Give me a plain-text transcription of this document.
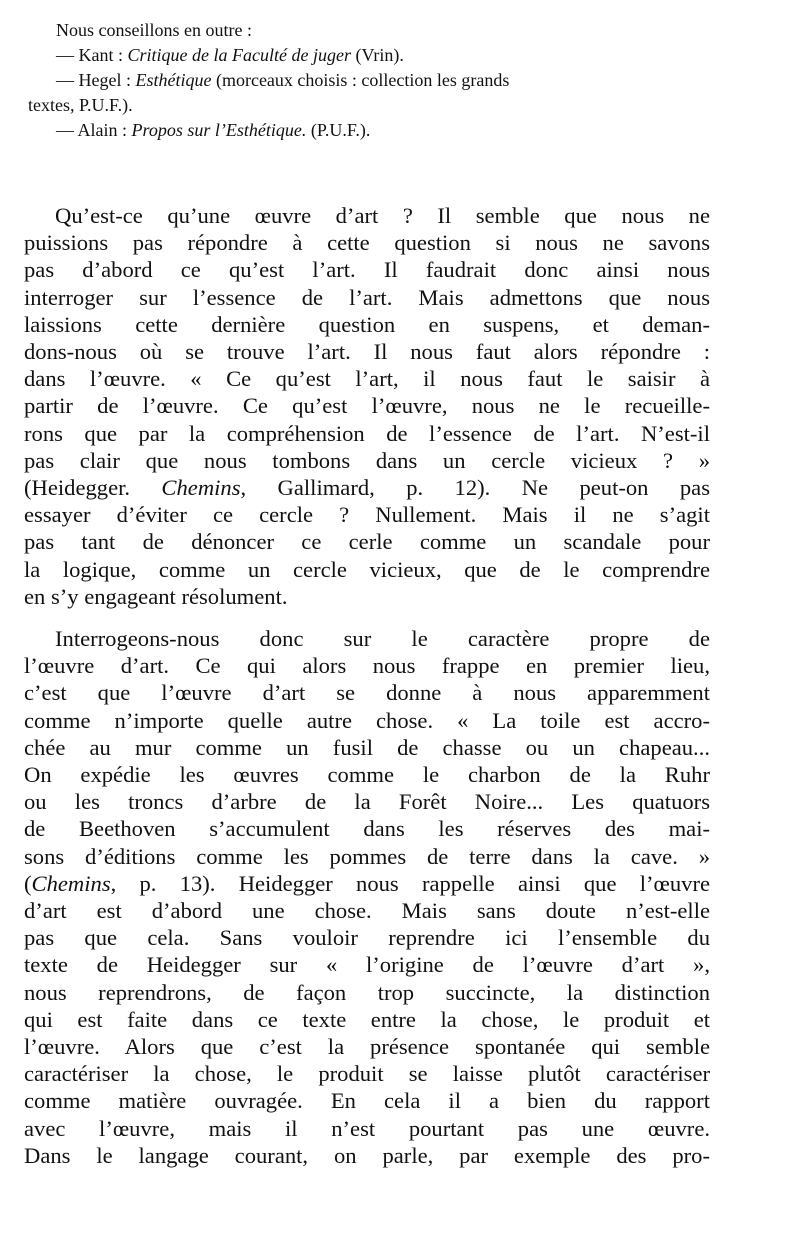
Nous conseillons en outre :
— Kant : Critique de la Faculté de juger (Vrin).
— Hegel : Esthétique (morceaux choisis : collection les grands
textes, P.U.F.).
— Alain : Propos sur l’Esthétique. (P.U.F.).
Qu’est-ce qu’une œuvre d’art ? Il semble que nous ne
puissions pas répondre à cette question si nous ne savons
pas d’abord ce qu’est l’art. Il faudrait donc ainsi nous
interroger sur l’essence de l’art. Mais admettons que nous
laissions cette dernière question en suspens, et deman-
dons-nous où se trouve l’art. Il nous faut alors répondre :
dans l’œuvre. « Ce qu’est l’art, il nous faut le saisir à
partir de l’œuvre. Ce qu’est l’œuvre, nous ne le recueille-
rons que par la compréhension de l’essence de l’art. N’est-il
pas clair que nous tombons dans un cercle vicieux ? »
(Heidegger. Chemins, Gallimard, p. 12). Ne peut-on pas
essayer d’éviter ce cercle ? Nullement. Mais il ne s’agit
pas tant de dénoncer ce cerle comme un scandale pour
la logique, comme un cercle vicieux, que de le comprendre
en s’y engageant résolument.
Interrogeons-nous donc sur le caractère propre de
l’œuvre d’art. Ce qui alors nous frappe en premier lieu,
c’est que l’œuvre d’art se donne à nous apparemment
comme n’importe quelle autre chose. « La toile est accro-
chée au mur comme un fusil de chasse ou un chapeau...
On expédie les œuvres comme le charbon de la Ruhr
ou les troncs d’arbre de la Forêt Noire... Les quatuors
de Beethoven s’accumulent dans les réserves des mai-
sons d’éditions comme les pommes de terre dans la cave. »
(Chemins, p. 13). Heidegger nous rappelle ainsi que l’œuvre
d’art est d’abord une chose. Mais sans doute n’est-elle
pas que cela. Sans vouloir reprendre ici l’ensemble du
texte de Heidegger sur « l’origine de l’œuvre d’art »,
nous reprendrons, de façon trop succincte, la distinction
qui est faite dans ce texte entre la chose, le produit et
l’œuvre. Alors que c’est la présence spontanée qui semble
caractériser la chose, le produit se laisse plutôt caractériser
comme matière ouvragée. En cela il a bien du rapport
avec l’œuvre, mais il n’est pourtant pas une œuvre.
Dans le langage courant, on parle, par exemple des pro-
